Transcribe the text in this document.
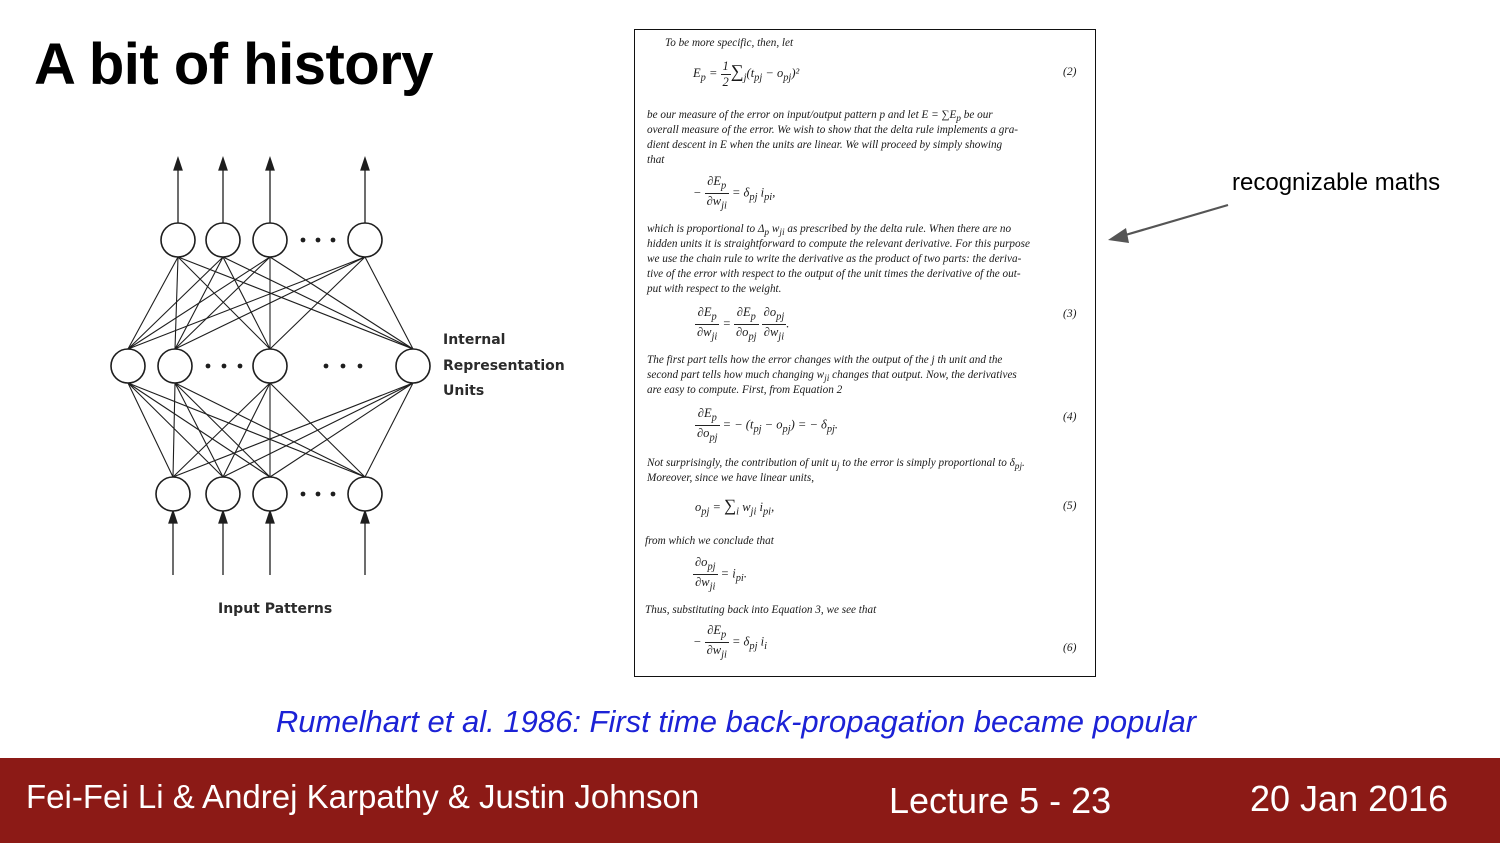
A bit of history
Internal
Representation
Units
Input Patterns
To be more specific, then, let
$E_p = \frac{1}{2} \sum_j(t_{pj} - o_{pj})^2$	(2)
be our measure of the error on input/output pattern p and let $E = \sum E_p$ be our
overall measure of the error. We wish to show that the delta rule implements a gra-
dient descent in E when the units are linear. We will proceed by simply showing
that
− $\frac{\partial E_p}{\partial w_{ji}} = \delta_{pj}$ $i_{pi}$,
which is proportional to $\Delta_p$ $w_{ji}$ as prescribed by the delta rule. When there are no
hidden units it is straightforward to compute the relevant derivative. For this purpose
we use the chain rule to write the derivative as the product of two parts: the deriva-
tive of the error with respect to the output of the unit times the derivative of the out-
put with respect to the weight.
$\frac{\partial E_p}{\partial w_{ji}} = \frac{\partial E_p}{\partial o_{pj}}$
$\frac{\partial o_{pj}}{\partial w_{ji}}$ .
(3)
The first part tells how the error changes with the output of the j th unit and the
second part tells how much changing $w_{ji}$ changes that output. Now, the derivatives
are easy to compute. First, from Equation 2
$\frac{\partial E_p}{\partial o_{pj}}$ = − $(t_{pj} - o_{pj})$ = − $\delta_{pj}$.
(4)
Not surprisingly, the contribution of unit $u_j$ to the error is simply proportional to $\delta_{pj}$.
Moreover, since we have linear units,
$o_{pj} = \sum_i$ $w_{ji}$ $i_{pi}$,	(5)
from which we conclude that
$\frac{\partial o_{pj}}{\partial w_{ji}} = i_{pi}$.
Thus, substituting back into Equation 3, we see that
− $\frac{\partial E_p}{\partial w_{ji}} = \delta_{pj}$ $i_i$	(6)
recognizable maths
Rumelhart et al. 1986: First time back-propagation became popular
Fei-Fei Li & Andrej Karpathy & Justin Johnson	Lecture 5 - 23	20 Jan 2016
